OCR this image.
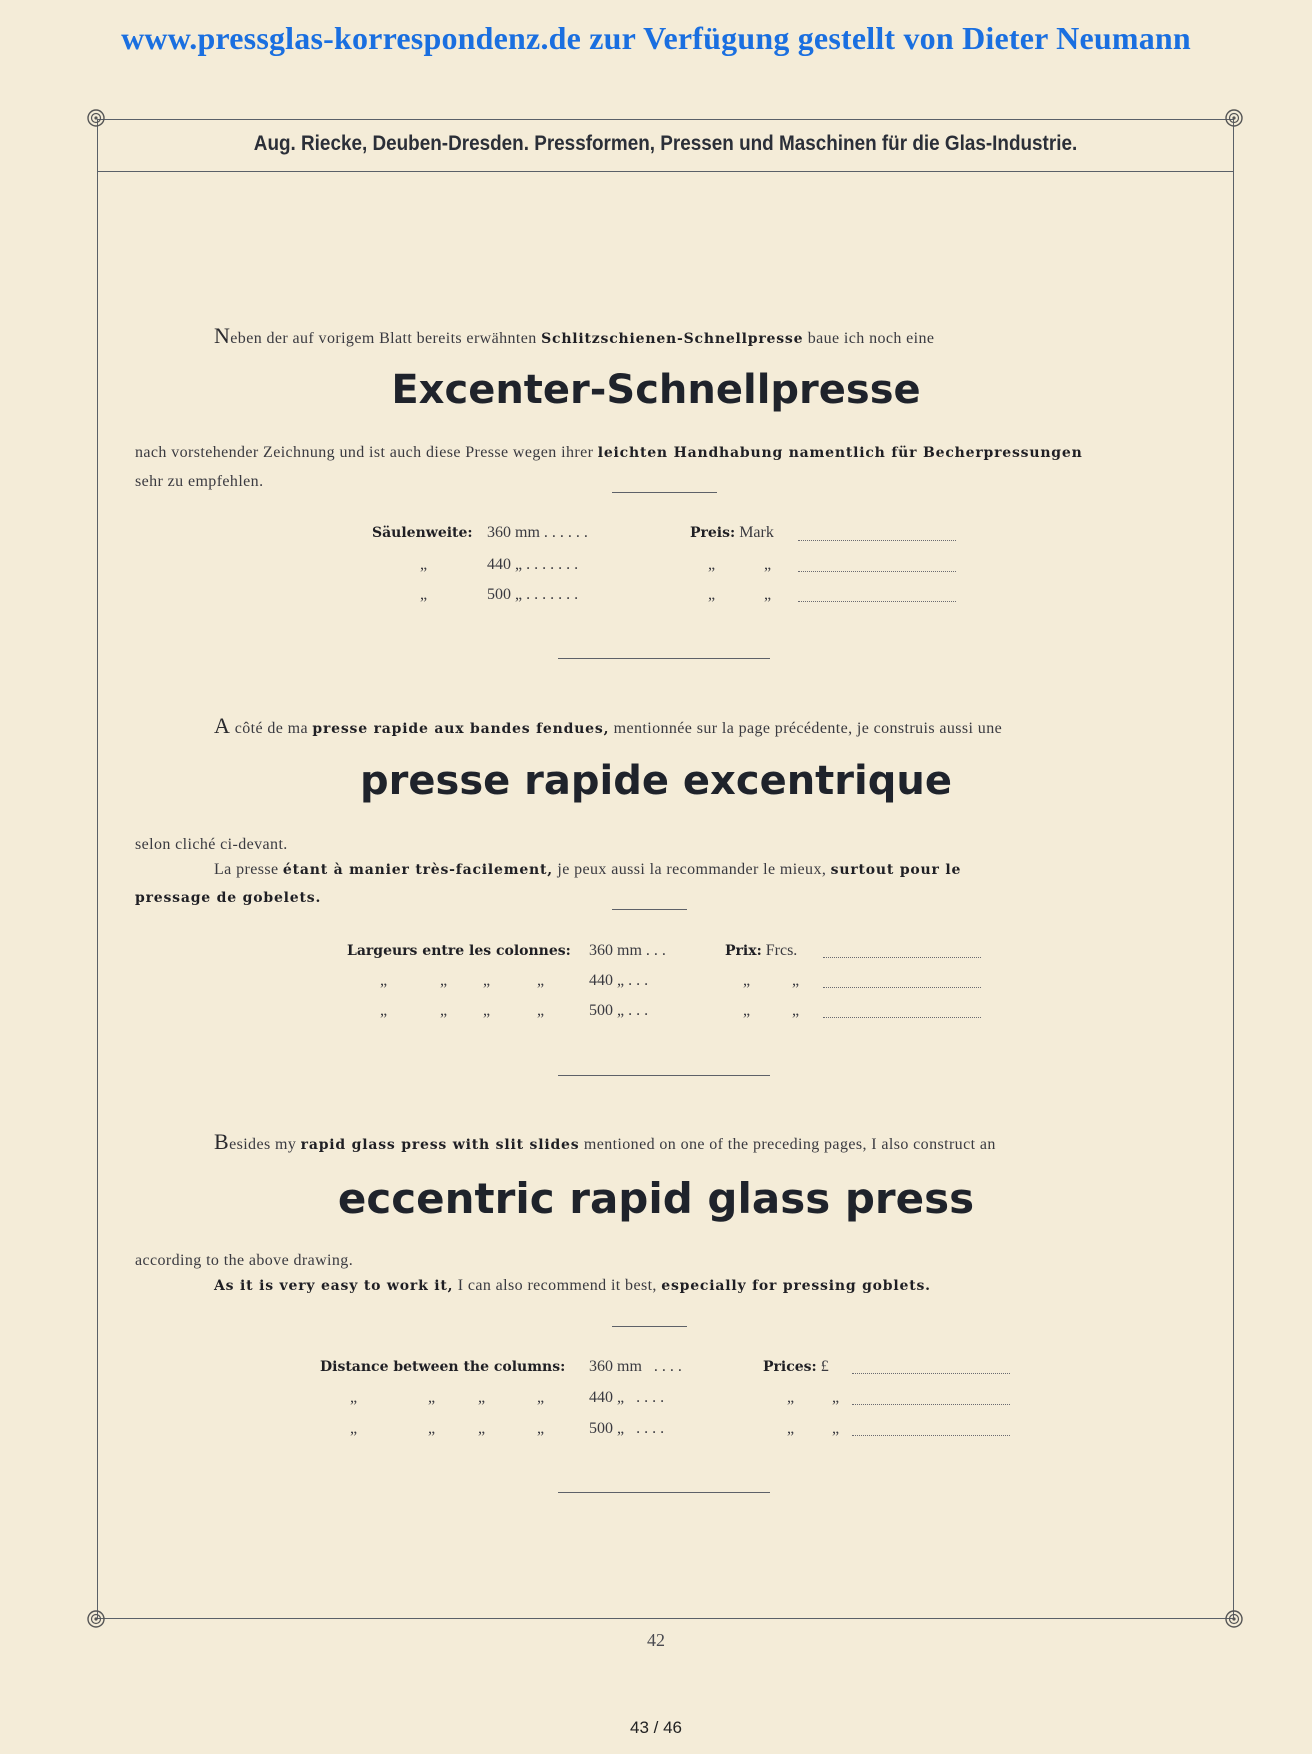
www.pressglas-korrespondenz.de zur Verfügung gestellt von Dieter Neumann
Aug. Riecke, Deuben-Dresden. Pressformen, Pressen und Maschinen für die Glas-Industrie.
Neben der auf vorigem Blatt bereits erwähnten Schlitzschienen-Schnellpresse baue ich noch eine
Excenter-Schnellpresse
nach vorstehender Zeichnung und ist auch diese Presse wegen ihrer leichten Handhabung namentlich für Becherpressungen
sehr zu empfehlen.
Säulenweite: 360 mm . . . . . .	Preis: Mark
„	440 „ . . . . . . .	„	„
„	500 „ . . . . . . .	„	„
A côté de ma presse rapide aux bandes fendues, mentionnée sur la page précédente, je construis aussi une
presse rapide excentrique
selon cliché ci-devant.
La presse étant à manier très-facilement, je peux aussi la recommander le mieux, surtout pour le
pressage de gobelets.
Largeurs entre les colonnes: 360 mm . . .	Prix: Frcs.
„	„ „	„	440 „ . . .	„	„
„	„ „	„	500 „ . . .	„	„
Besides my rapid glass press with slit slides mentioned on one of the preceding pages, I also construct an
eccentric rapid glass press
according to the above drawing.
As it is very easy to work it, I can also recommend it best, especially for pressing goblets.
Distance between the columns: 360 mm   . . . .	Prices: £
„	„	„	„	440 „   . . . .	„ „
„	„	„	„	500 „   . . . .	„ „
42
43 / 46
